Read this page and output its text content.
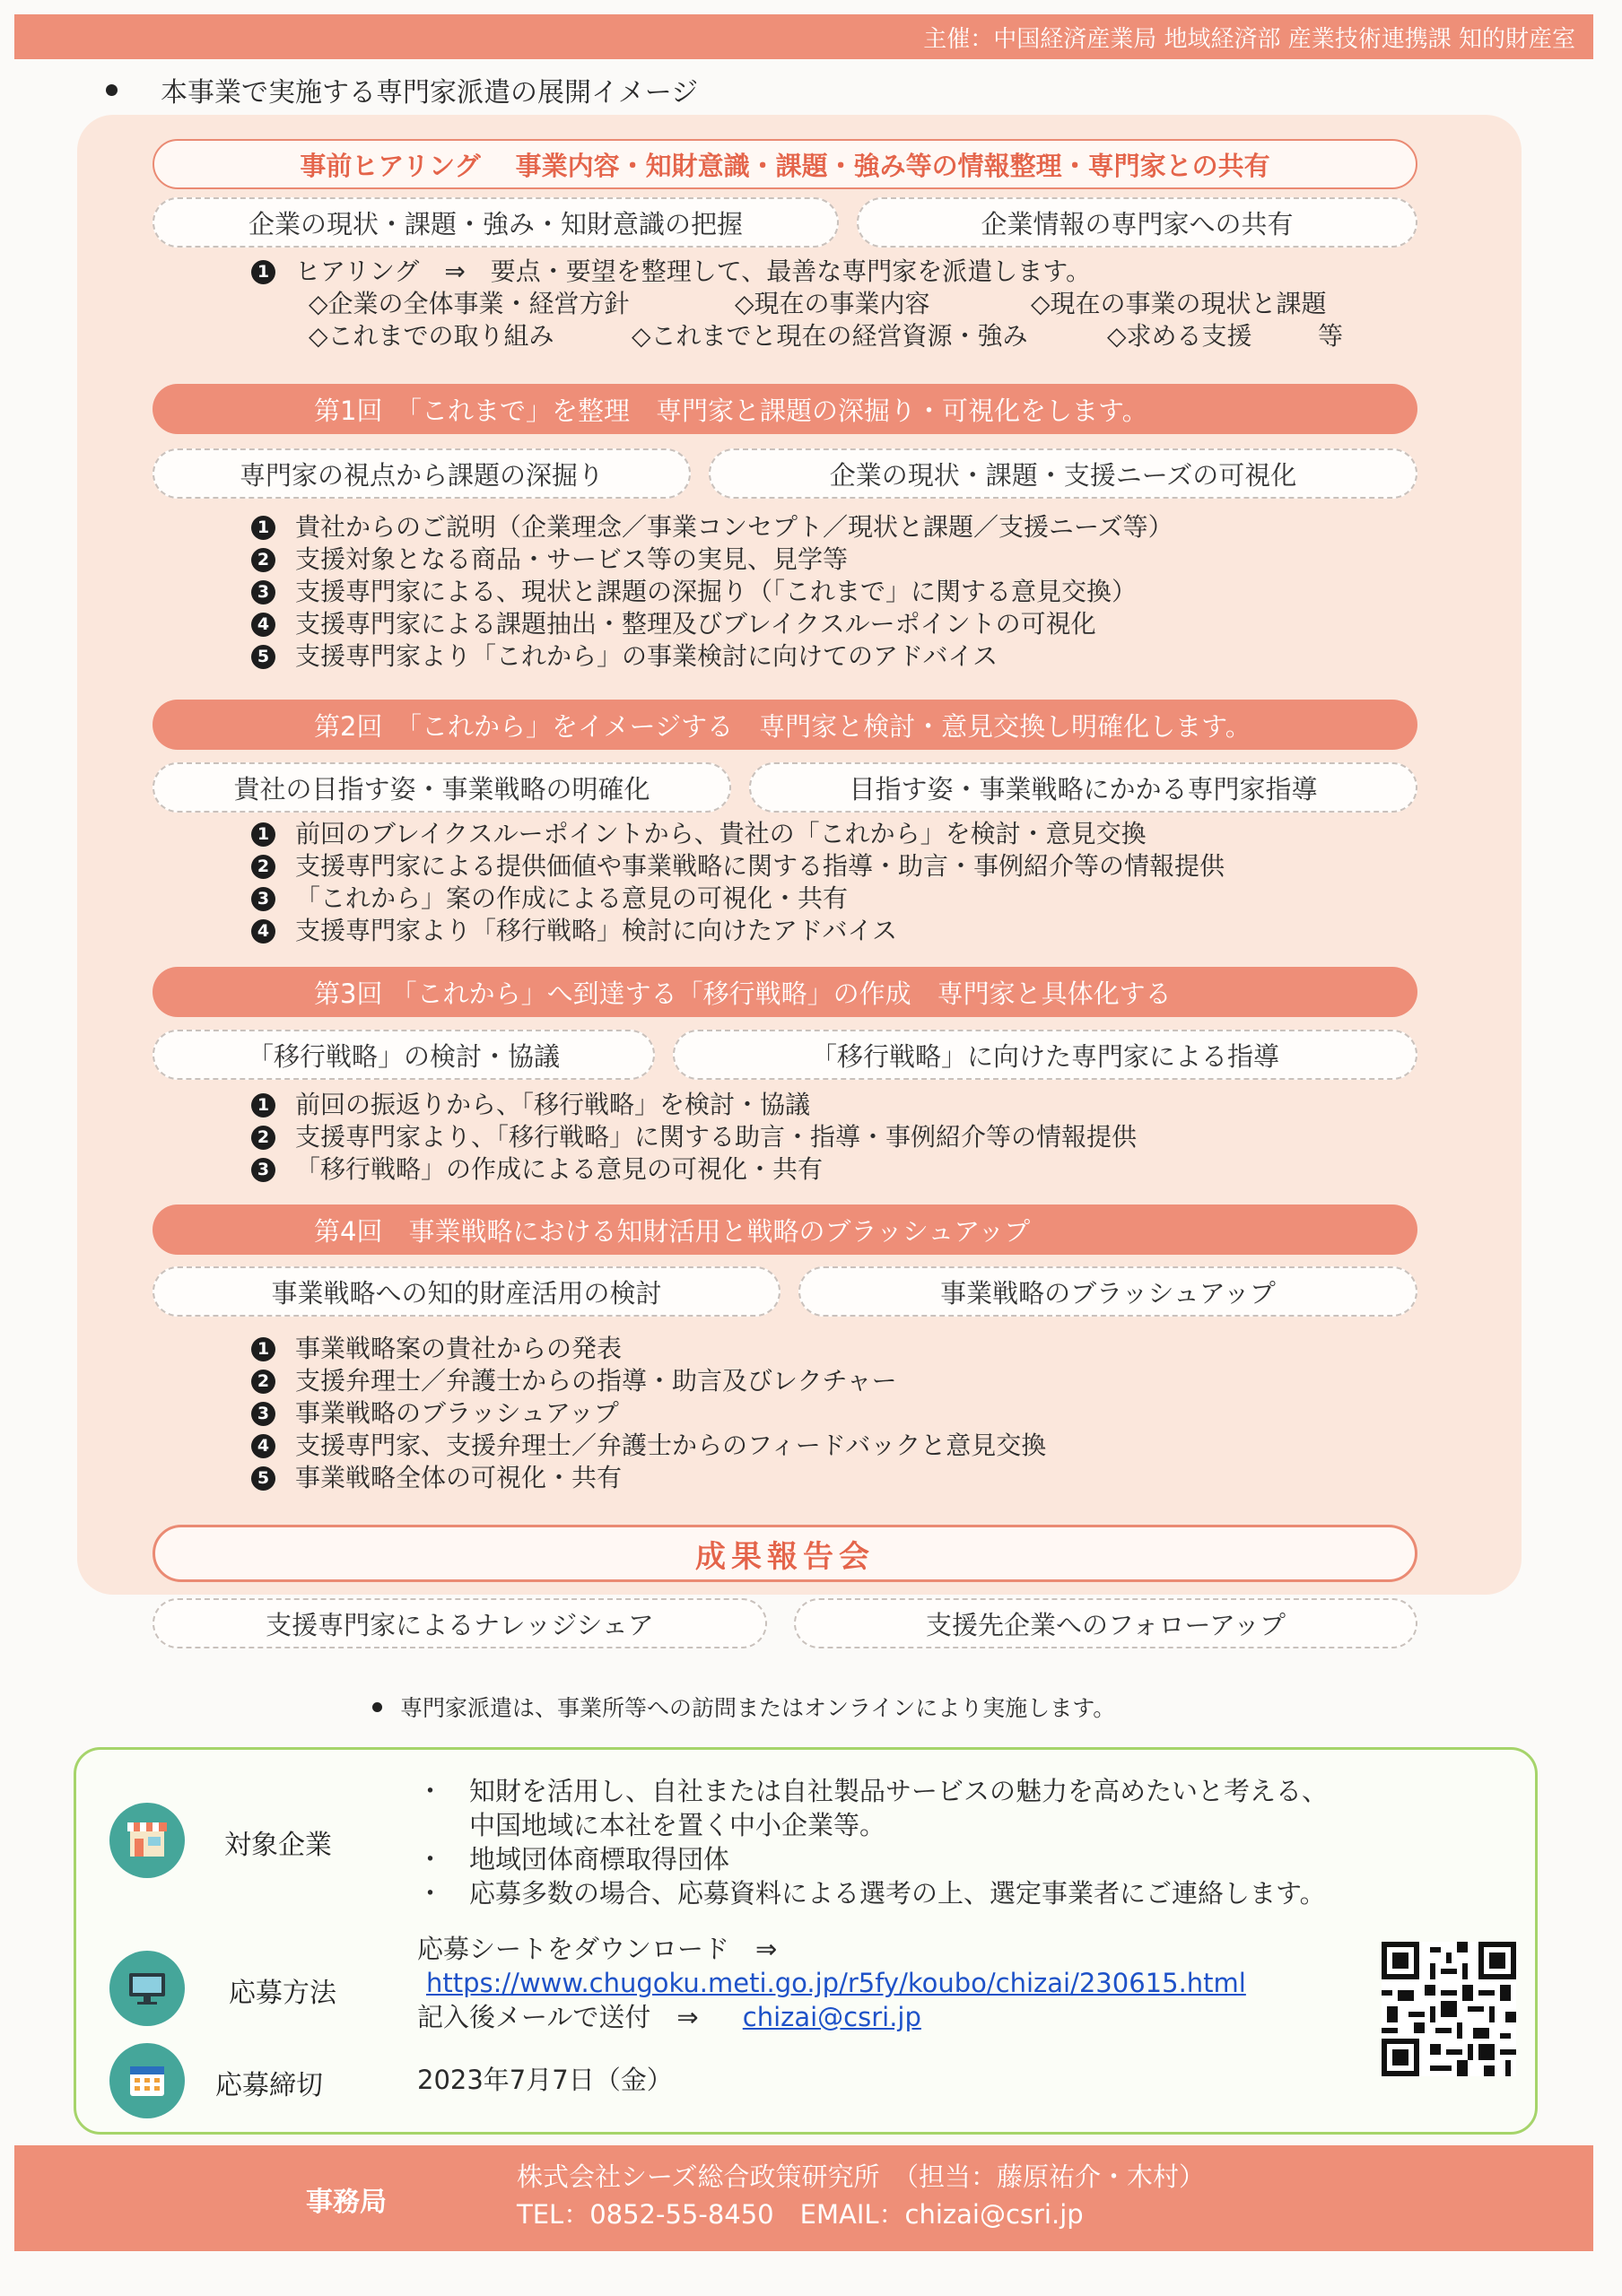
主催：中国経済産業局 地域経済部 産業技術連携課 知的財産室
本事業で実施する専門家派遣の展開イメージ
事前ヒアリング　 事業内容・知財意識・課題・強み等の情報整理・専門家との共有
企業の現状・課題・強み・知財意識の把握	企業情報の専門家への共有
1 ヒアリング　⇒　要点・要望を整理して、最善な専門家を派遣します。
◇企業の全体事業・経営方針	◇現在の事業内容	◇現在の事業の現状と課題
◇これまでの取り組み	◇これまでと現在の経営資源・強み	◇求める支援	等
第1回　「これまで」を整理　専門家と課題の深掘り・可視化をします。
専門家の視点から課題の深掘り	企業の現状・課題・支援ニーズの可視化
1 貴社からのご説明（企業理念／事業コンセプト／現状と課題／支援ニーズ等）
2 支援対象となる商品・サービス等の実見、見学等
3 支援専門家による、現状と課題の深掘り（「これまで」に関する意見交換）
4 支援専門家による課題抽出・整理及びブレイクスルーポイントの可視化
5 支援専門家より「これから」の事業検討に向けてのアドバイス
第2回　「これから」をイメージする　専門家と検討・意見交換し明確化します。
貴社の目指す姿・事業戦略の明確化	目指す姿・事業戦略にかかる専門家指導
1 前回のブレイクスルーポイントから、貴社の「これから」を検討・意見交換
2 支援専門家による提供価値や事業戦略に関する指導・助言・事例紹介等の情報提供
3 「これから」案の作成による意見の可視化・共有
4 支援専門家より「移行戦略」検討に向けたアドバイス
第3回 「これから」へ到達する「移行戦略」の作成　専門家と具体化する
「移行戦略」の検討・協議	「移行戦略」に向けた専門家による指導
1 前回の振返りから、「移行戦略」を検討・協議
2 支援専門家より、「移行戦略」に関する助言・指導・事例紹介等の情報提供
3 「移行戦略」の作成による意見の可視化・共有
第4回　事業戦略における知財活用と戦略のブラッシュアップ
事業戦略への知的財産活用の検討	事業戦略のブラッシュアップ
1 事業戦略案の貴社からの発表
2 支援弁理士／弁護士からの指導・助言及びレクチャー
3 事業戦略のブラッシュアップ
4 支援専門家、支援弁理士／弁護士からのフィードバックと意見交換
5 事業戦略全体の可視化・共有
成果報告会
支援専門家によるナレッジシェア	支援先企業へのフォローアップ
専門家派遣は、事業所等への訪問またはオンラインにより実施します。
対象企業
・　知財を活用し、自社または自社製品サービスの魅力を高めたいと考える、
　　中国地域に本社を置く中小企業等。
・　地域団体商標取得団体
・　応募多数の場合、応募資料による選考の上、選定事業者にご連絡します。
応募方法
応募シートをダウンロード　⇒
https://www.chugoku.meti.go.jp/r5fy/koubo/chizai/230615.html
記入後メールで送付　⇒　 chizai@csri.jp
応募締切	2023年7月7日（金）
事務局
株式会社シーズ総合政策研究所　（担当：藤原祐介・木村）
TEL：0852-55-8450　EMAIL：chizai@csri.jp
